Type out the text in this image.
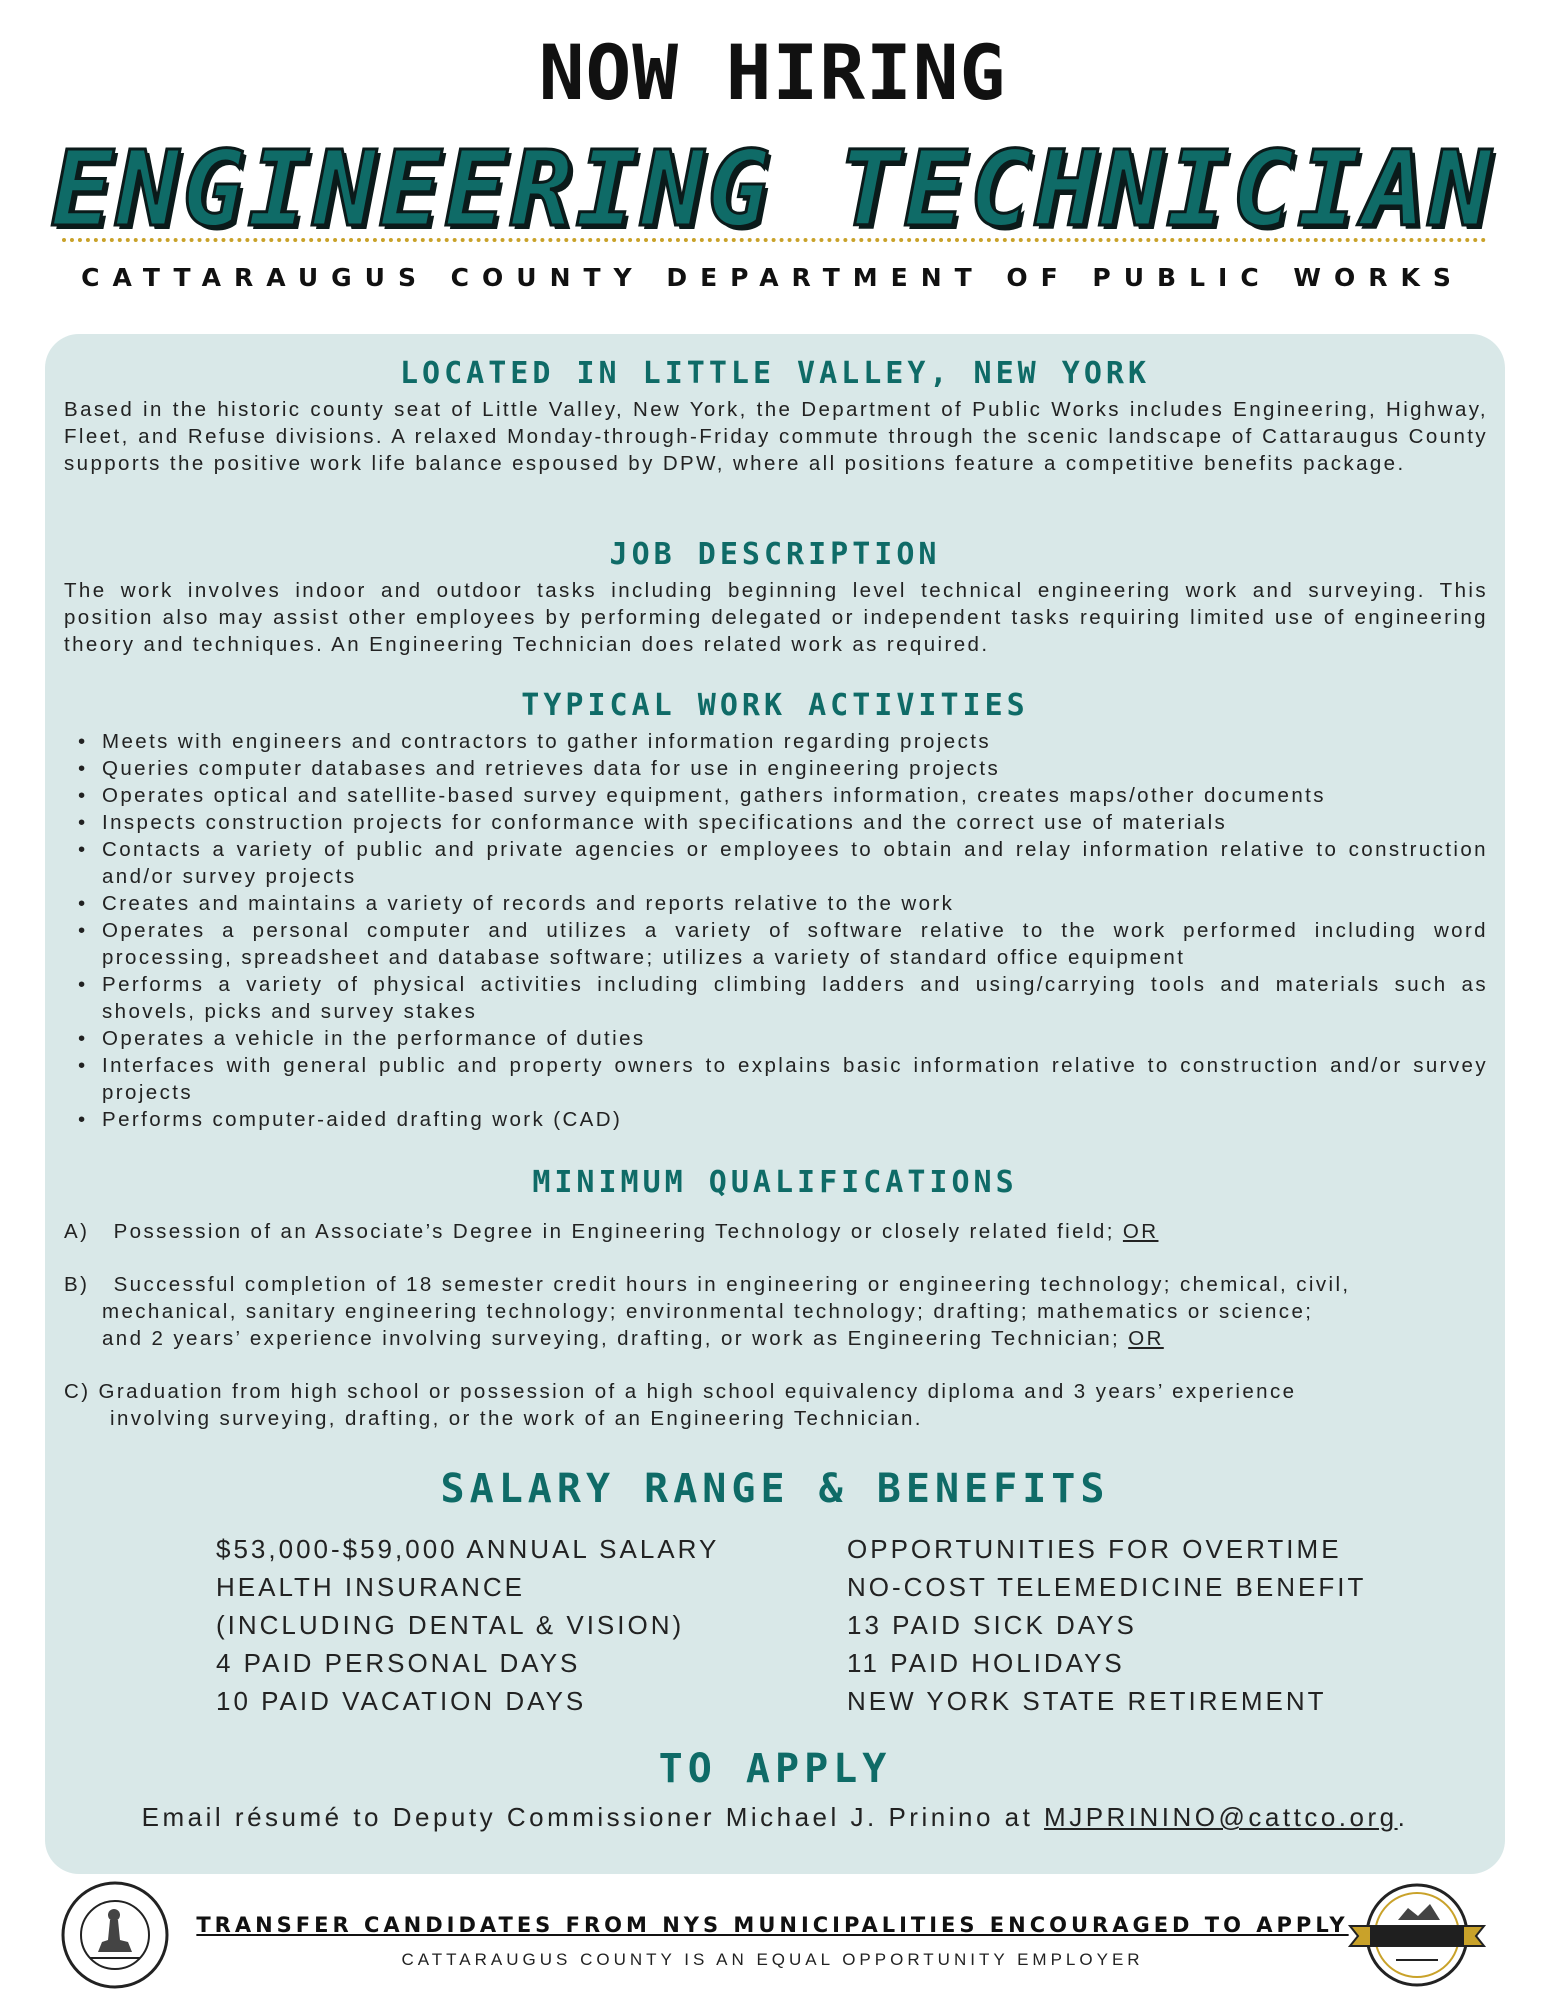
NOW HIRING
ENGINEERING TECHNICIAN
CATTARAUGUS COUNTY DEPARTMENT OF PUBLIC WORKS
LOCATED IN LITTLE VALLEY, NEW YORK
Based in the historic county seat of Little Valley, New York, the Department of Public Works includes Engineering, Highway, Fleet, and Refuse divisions. A relaxed Monday-through-Friday commute through the scenic landscape of Cattaraugus County supports the positive work life balance espoused by DPW, where all positions feature a competitive benefits package.
JOB DESCRIPTION
The work involves indoor and outdoor tasks including beginning level technical engineering work and surveying. This position also may assist other employees by performing delegated or independent tasks requiring limited use of engineering theory and techniques. An Engineering Technician does related work as required.
TYPICAL WORK ACTIVITIES
• Meets with engineers and contractors to gather information regarding projects
• Queries computer databases and retrieves data for use in engineering projects
• Operates optical and satellite-based survey equipment, gathers information, creates maps/other documents
• Inspects construction projects for conformance with specifications and the correct use of materials
• Contacts a variety of public and private agencies or employees to obtain and relay information relative to construction and/or survey projects
• Creates and maintains a variety of records and reports relative to the work
• Operates a personal computer and utilizes a variety of software relative to the work performed including word processing, spreadsheet and database software; utilizes a variety of standard office equipment
• Performs a variety of physical activities including climbing ladders and using/carrying tools and materials such as shovels, picks and survey stakes
• Operates a vehicle in the performance of duties
• Interfaces with general public and property owners to explains basic information relative to construction and/or survey projects
• Performs computer-aided drafting work (CAD)
MINIMUM QUALIFICATIONS
A) Possession of an Associate’s Degree in Engineering Technology or closely related field; OR
B) Successful completion of 18 semester credit hours in engineering or engineering technology; chemical, civil,
mechanical, sanitary engineering technology; environmental technology; drafting; mathematics or science;
and 2 years’ experience involving surveying, drafting, or work as Engineering Technician; OR
C) Graduation from high school or possession of a high school equivalency diploma and 3 years’ experience
involving surveying, drafting, or the work of an Engineering Technician.
SALARY RANGE & BENEFITS
$53,000-$59,000 ANNUAL SALARY
HEALTH INSURANCE
(INCLUDING DENTAL & VISION)
4 PAID PERSONAL DAYS
10 PAID VACATION DAYS
OPPORTUNITIES FOR OVERTIME
NO-COST TELEMEDICINE BENEFIT
13 PAID SICK DAYS
11 PAID HOLIDAYS
NEW YORK STATE RETIREMENT
TO APPLY
Email résumé to Deputy Commissioner Michael J. Prinino at MJPRININO@cattco.org.
TRANSFER CANDIDATES FROM NYS MUNICIPALITIES ENCOURAGED TO APPLY
CATTARAUGUS COUNTY IS AN EQUAL OPPORTUNITY EMPLOYER
